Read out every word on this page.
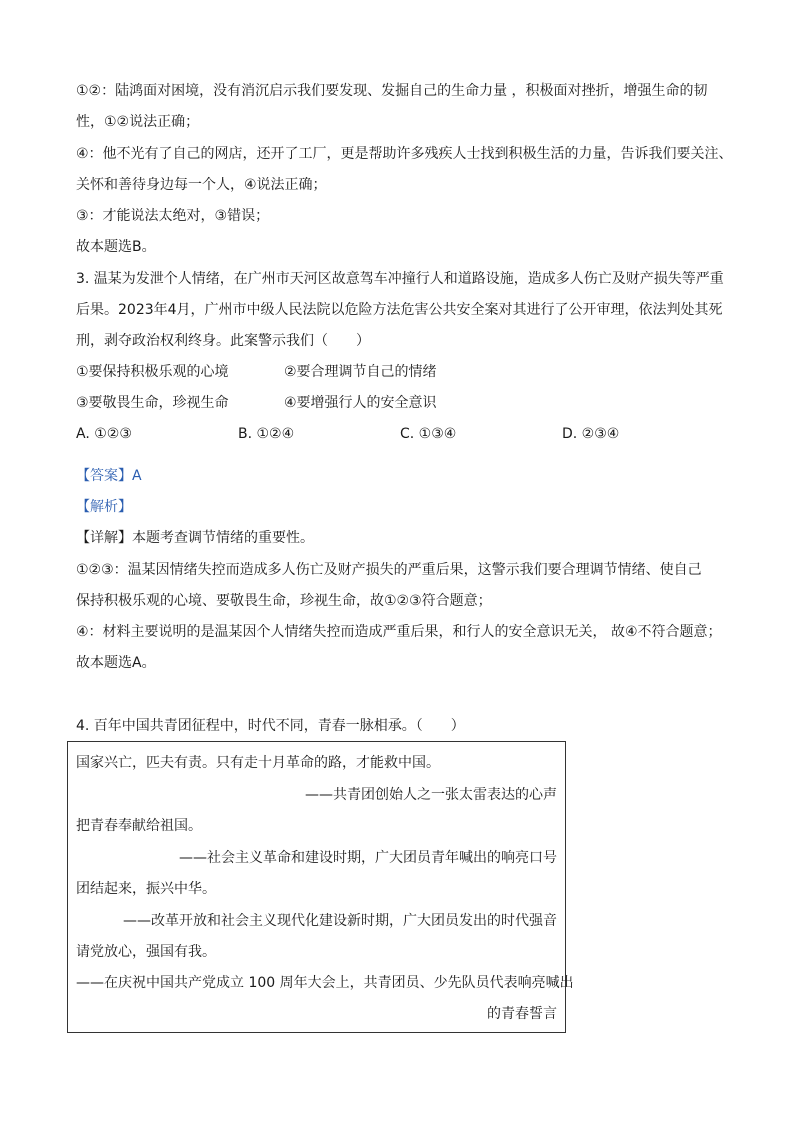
①②：陆鸿面对困境，没有消沉启示我们要发现、发掘自己的生命力量 ，积极面对挫折，增强生命的韧
性，①②说法正确；
④：他不光有了自己的网店，还开了工厂，更是帮助许多残疾人士找到积极生活的力量，告诉我们要关注、
关怀和善待身边每一个人，④说法正确；
③：才能说法太绝对，③错误；
故本题选B。
3. 温某为发泄个人情绪，在广州市天河区故意驾车冲撞行人和道路设施，造成多人伤亡及财产损失等严重
后果。2023年4月，广州市中级人民法院以危险方法危害公共安全案对其进行了公开审理，依法判处其死
刑，剥夺政治权利终身。此案警示我们（　　）
①要保持积极乐观的心境	②要合理调节自己的情绪
③要敬畏生命，珍视生命	④要增强行人的安全意识
A. ①②③	B. ①②④	C. ①③④	D. ②③④
【答案】A
【解析】
【详解】本题考查调节情绪的重要性。
①②③：温某因情绪失控而造成多人伤亡及财产损失的严重后果，这警示我们要合理调节情绪、使自己
保持积极乐观的心境、要敬畏生命，珍视生命，故①②③符合题意；
④：材料主要说明的是温某因个人情绪失控而造成严重后果，和行人的安全意识无关， 故④不符合题意；
故本题选A。
4. 百年中国共青团征程中，时代不同，青春一脉相承。（　　）
国家兴亡，匹夫有责。只有走十月革命的路，才能救中国。
——共青团创始人之一张太雷表达的心声
把青春奉献给祖国。
——社会主义革命和建设时期，广大团员青年喊出的响亮口号
团结起来，振兴中华。
——改革开放和社会主义现代化建设新时期，广大团员发出的时代强音
请党放心，强国有我。
——在庆祝中国共产党成立 100 周年大会上，共青团员、少先队员代表响亮喊出
的青春誓言
